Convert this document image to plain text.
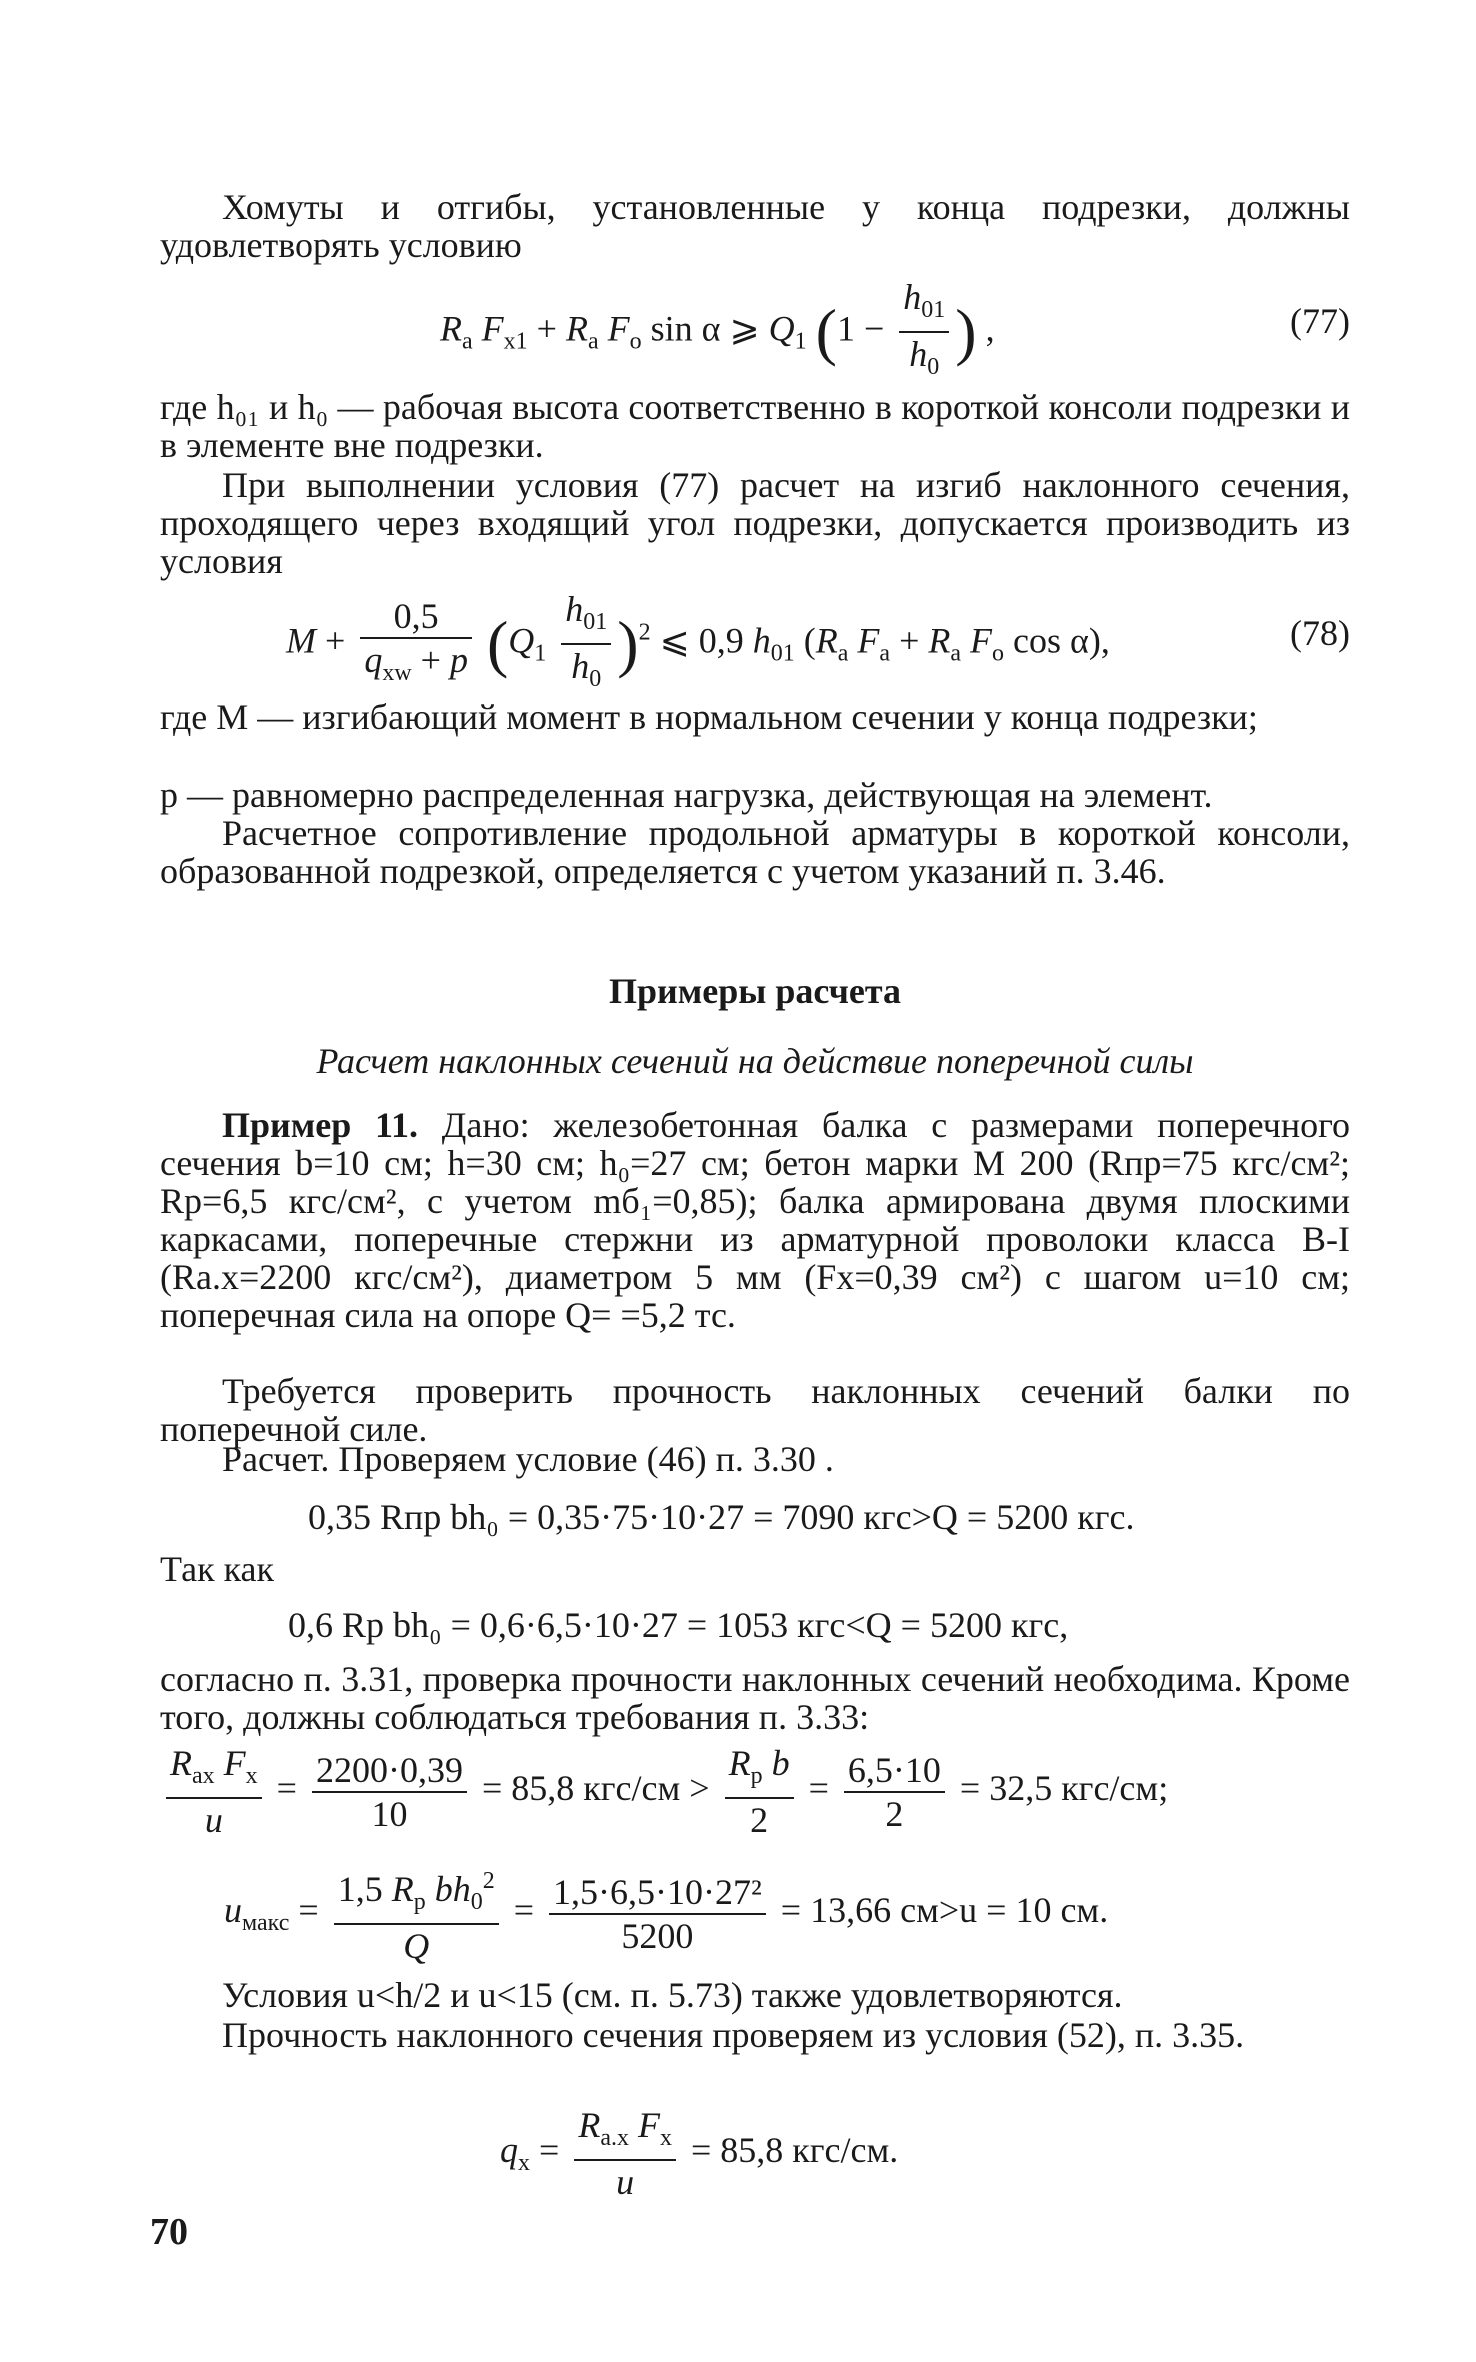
Хомуты и отгибы, установленные у конца подрезки, должны удовлетворять условию
$R_a$ $F_{x1} + R_a$ $F_o$ sin α ⩾ $Q_1$ ($1 - \frac{h_{01}}{h_0}$ ) ,	(77)
где h₀₁ и h₀ — рабочая высота соответственно в короткой консоли подрезки и в элементе вне подрезки.
При выполнении условия (77) расчет на изгиб наклонного сечения, проходящего через входящий угол подрезки, допускается производить из условия
$M + \frac{0,5}{q_{xw} + p} (Q_1 \frac{h_{01}}{h_0} )^2$ ⩽ 0,9 $h_{01}$ ($R_a$ $F_a + R_a$ $F_o$ cos α),	(78)
где M — изгибающий момент в нормальном сечении у конца подрезки;
p — равномерно распределенная нагрузка, действующая на элемент.
Расчетное сопротивление продольной арматуры в короткой консоли, образованной подрезкой, определяется с учетом указаний п. 3.46.
Примеры расчета
Расчет наклонных сечений на действие поперечной силы
Пример 11. Дано: железобетонная балка с размерами поперечного сечения b=10 см; h=30 см; h₀=27 см; бетон марки М 200 (Rпр=75 кгс/см²; Rр=6,5 кгс/см², с учетом mб₁=0,85); балка армирована двумя плоскими каркасами, поперечные стержни из арматурной проволоки класса В-I (Rа.х=2200 кгс/см²), диаметром 5 мм (Fх=0,39 см²) с шагом u=10 см; поперечная сила на опоре Q= =5,2 тс.
Требуется проверить прочность наклонных сечений балки по поперечной силе.
Расчет. Проверяем условие (46) п. 3.30 .
0,35 Rпр bh₀ = 0,35·75·10·27 = 7090 кгс>Q = 5200 кгс.
Так как
0,6 Rр bh₀ = 0,6·6,5·10·27 = 1053 кгс<Q = 5200 кгс,
согласно п. 3.31, проверка прочности наклонных сечений необходима. Кроме того, должны соблюдаться требования п. 3.33:
$\frac{R_{ax} F_x}{u} = \frac{2200\cdot 0,39}{10} = 85,8$ $кгс/см > \frac{R_p b}{2} = \frac{6,5\cdot 10}{2} = 32,5$ кгс/см;
$u_{макс} = \frac{1,5 R_p bh_0^2}{Q} = \frac{\text{1,5·6,5·10·27²}}{5200} = 13,66$ см>u = 10 см.
Условия u<h/2 и u<15 (см. п. 5.73) также удовлетворяются.
Прочность наклонного сечения проверяем из условия (52), п. 3.35.
$q_x = \frac{R_{a.x} F_x}{u} = 85,8$ кгс/см.
70
